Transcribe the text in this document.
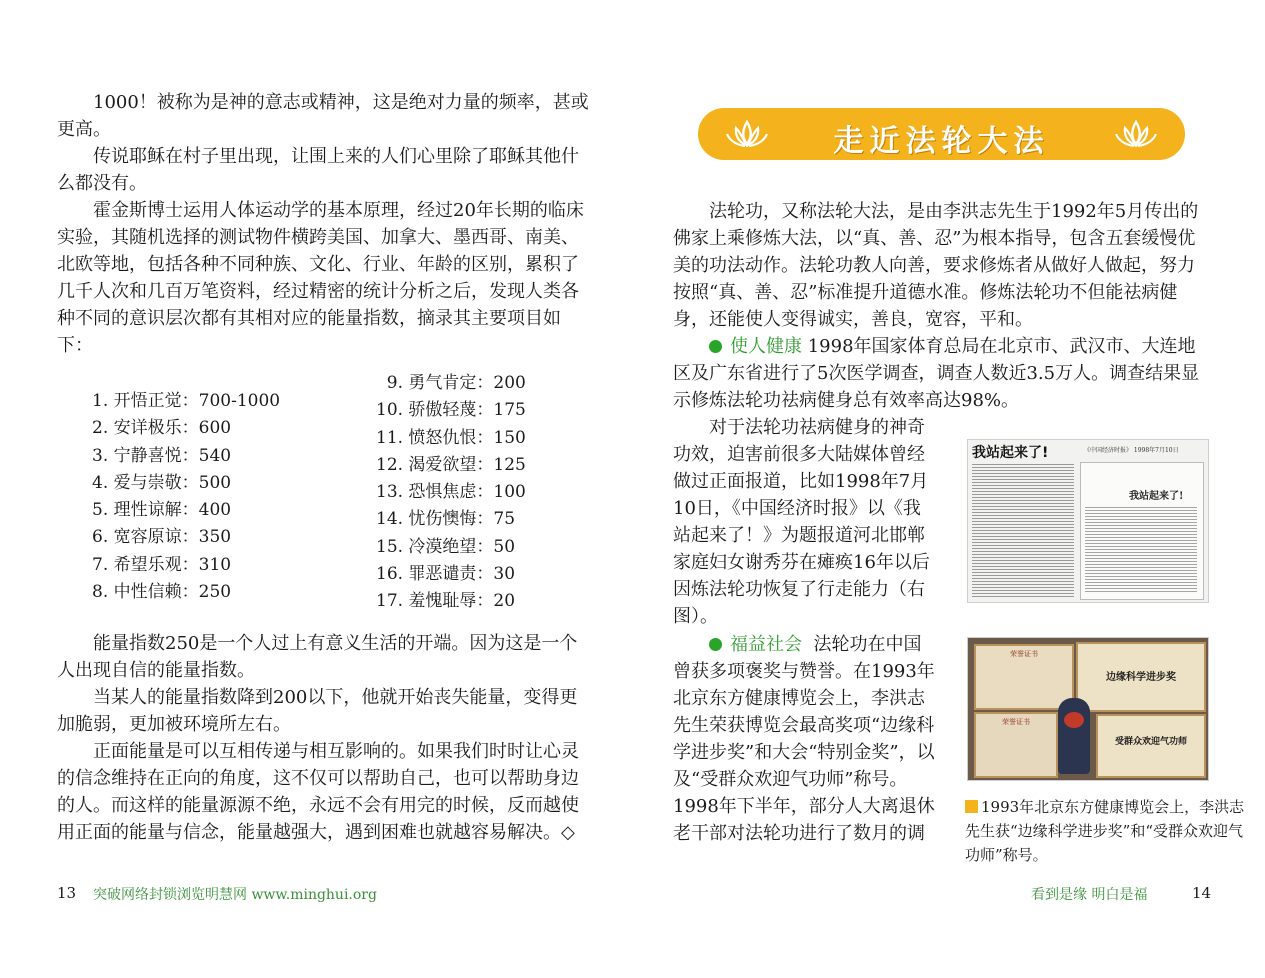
1000！被称为是神的意志或精神，这是绝对力量的频率，甚或更高。

传说耶稣在村子里出现，让围上来的人们心里除了耶稣其他什么都没有。

霍金斯博士运用人体运动学的基本原理，经过20年长期的临床实验，其随机选择的测试物件横跨美国、加拿大、墨西哥、南美、北欧等地，包括各种不同种族、文化、行业、年龄的区别，累积了几千人次和几百万笔资料，经过精密的统计分析之后，发现人类各种不同的意识层次都有其相对应的能量指数，摘录其主要项目如下：

1. 开悟正觉：700-1000
2. 安详极乐：600
3. 宁静喜悦：540
4. 爱与崇敬：500
5. 理性谅解：400
6. 宽容原谅：350
7. 希望乐观：310
8. 中性信赖：250
9. 勇气肯定：200
10. 骄傲轻蔑：175
11. 愤怒仇恨：150
12. 渴爱欲望：125
13. 恐惧焦虑：100
14. 忧伤懊悔：75
15. 冷漠绝望：50
16. 罪恶谴责：30
17. 羞愧耻辱：20

能量指数250是一个人过上有意义生活的开端。因为这是一个人出现自信的能量指数。

当某人的能量指数降到200以下，他就开始丧失能量，变得更加脆弱，更加被环境所左右。

正面能量是可以互相传递与相互影响的。如果我们时时让心灵的信念维持在正向的角度，这不仅可以帮助自己，也可以帮助身边的人。而这样的能量源源不绝，永远不会有用完的时候，反而越使用正面的能量与信念，能量越强大，遇到困难也就越容易解决。◇

13 突破网络封锁浏览明慧网 www.minghui.org
走近法轮大法

法轮功，又称法轮大法，是由李洪志先生于1992年5月传出的佛家上乘修炼大法，以“真、善、忍”为根本指导，包含五套缓慢优美的功法动作。法轮功教人向善，要求修炼者从做好人做起，努力按照“真、善、忍”标准提升道德水准。修炼法轮功不但能祛病健身，还能使人变得诚实，善良，宽容，平和。

使人健康 1998年国家体育总局在北京市、武汉市、大连地区及广东省进行了5次医学调查，调查人数近3.5万人。调查结果显示修炼法轮功祛病健身总有效率高达98%。

对于法轮功祛病健身的神奇功效，迫害前很多大陆媒体曾经做过正面报道，比如1998年7月10日，《中国经济时报》以《我站起来了！》为题报道河北邯郸家庭妇女谢秀芬在瘫痪16年以后因炼法轮功恢复了行走能力（右图）。

我站起来了!	《中国经济时报》 1998年7月10日
我站起来了!

福益社会 法轮功在中国曾获多项褒奖与赞誉。在1993年北京东方健康博览会上，李洪志先生荣获博览会最高奖项“边缘科学进步奖”和大会“特别金奖”，以及“受群众欢迎气功师”称号。1998年下半年，部分人大离退休老干部对法轮功进行了数月的调

荣誉证书
边缘科学进步奖
荣誉证书
受群众欢迎气功师
1993年北京东方健康博览会上，李洪志先生获“边缘科学进步奖”和“受群众欢迎气功师”称号。
看到是缘 明白是福	14
